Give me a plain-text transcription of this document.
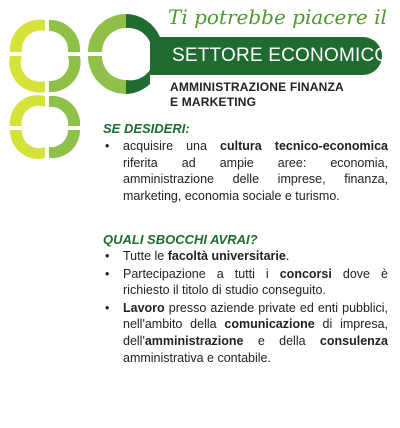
Ti potrebbe piacere il
SETTORE ECONOMICO
AMMINISTRAZIONE FINANZA
E MARKETING
SE DESIDERI:
• acquisire una cultura tecnico-economica riferita ad ampie aree: economia, amministrazione delle imprese, finanza, marketing, economia sociale e turismo.
QUALI SBOCCHI AVRAI?
• Tutte le facoltà universitarie.
• Partecipazione a tutti i concorsi dove è richiesto il titolo di studio conseguito.
• Lavoro presso aziende private ed enti pubblici, nell'ambito della comunicazione di impresa, dell'amministrazione e della consulenza amministrativa e contabile.
